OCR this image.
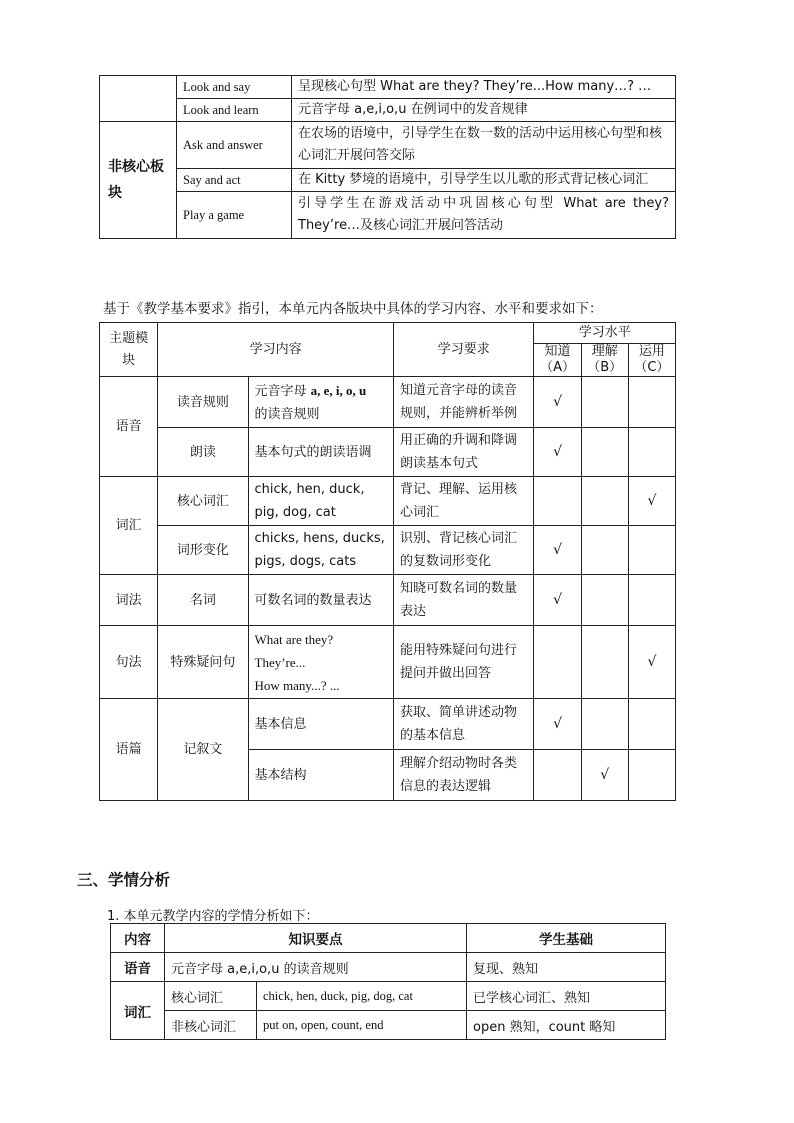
	Look and say	呈现核心句型 What are they? They’re...How many…? …
	Look and learn	元音字母 a,e,i,o,u 在例词中的发音规律
非核心板块	Ask and answer	在农场的语境中，引导学生在数一数的活动中运用核心句型和核心词汇开展问答交际
	Say and act	在 Kitty 梦境的语境中，引导学生以儿歌的形式背记核心词汇
	Play a game	引导学生在游戏活动中巩固核心句型 What are they? They’re…及核心词汇开展问答活动
基于《教学基本要求》指引，本单元内各版块中具体的学习内容、水平和要求如下：
主题模块	学习内容		学习要求	学习水平		
				知道（A）	理解（B）	运用（C）
语音	读音规则	元音字母 a, e, i, o, u
的读音规则	知道元音字母的读音规则，并能辨析举例	√		
	朗读	基本句式的朗读语调	用正确的升调和降调朗读基本句式	√		
词汇	核心词汇	chick, hen, duck, pig, dog, cat	背记、理解、运用核心词汇			√
	词形变化	chicks, hens, ducks, pigs, dogs, cats	识别、背记核心词汇的复数词形变化	√		
词法	名词	可数名词的数量表达	知晓可数名词的数量表达	√		
句法	特殊疑问句	What are they?
They’re...
How many...? ...	能用特殊疑问句进行提问并做出回答			√
语篇	记叙文	基本信息	获取、简单讲述动物的基本信息	√		
		基本结构	理解介绍动物时各类信息的表达逻辑		√	
三、学情分析
1. 本单元教学内容的学情分析如下：
内容	知识要点		学生基础
语音	元音字母 a,e,i,o,u 的读音规则		复现、熟知
词汇	核心词汇	chick, hen, duck, pig, dog, cat	已学核心词汇、熟知
	非核心词汇	put on, open, count, end	open 熟知，count 略知
